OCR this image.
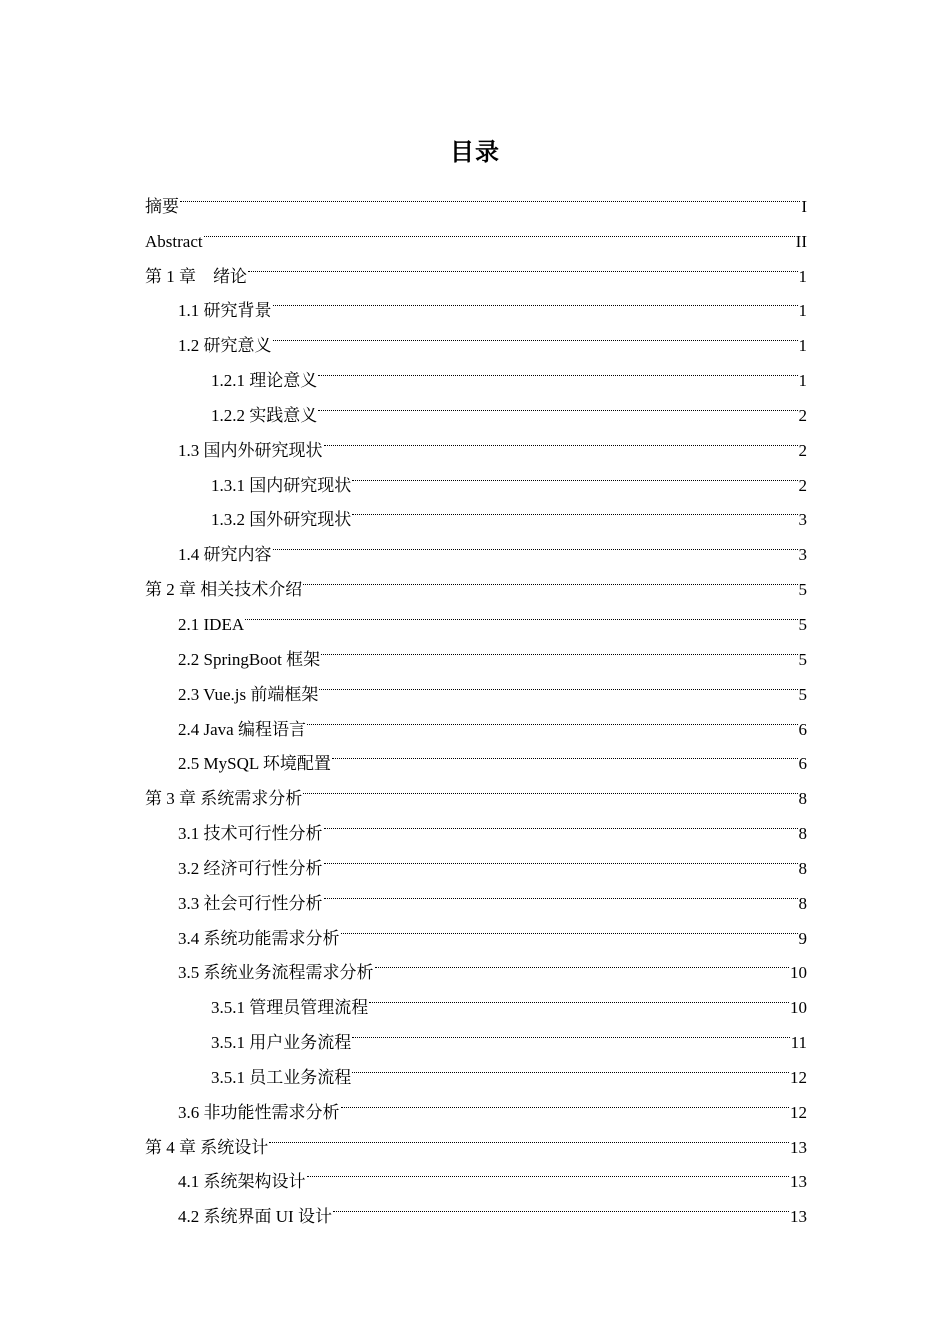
目录
摘要	I
Abstract	II
第 1 章　绪论	1
1.1 研究背景	1
1.2 研究意义	1
1.2.1 理论意义	1
1.2.2 实践意义	2
1.3 国内外研究现状	2
1.3.1 国内研究现状	2
1.3.2 国外研究现状	3
1.4 研究内容	3
第 2 章 相关技术介绍	5
2.1 IDEA	5
2.2 SpringBoot 框架	5
2.3 Vue.js 前端框架	5
2.4 Java 编程语言	6
2.5 MySQL 环境配置	6
第 3 章 系统需求分析	8
3.1 技术可行性分析	8
3.2 经济可行性分析	8
3.3 社会可行性分析	8
3.4 系统功能需求分析	9
3.5 系统业务流程需求分析	10
3.5.1 管理员管理流程	10
3.5.1 用户业务流程	11
3.5.1 员工业务流程	12
3.6 非功能性需求分析	12
第 4 章 系统设计	13
4.1 系统架构设计	13
4.2 系统界面 UI 设计	13
